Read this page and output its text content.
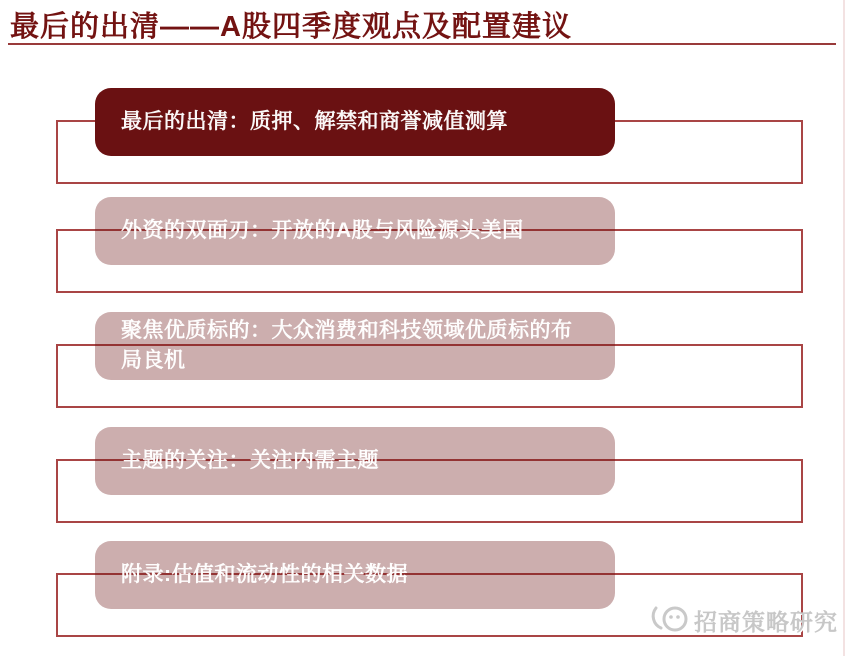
最后的出清——A股四季度观点及配置建议
最后的出清：质押、解禁和商誉减值测算
外资的双面刃：开放的A股与风险源头美国
聚焦优质标的：大众消费和科技领域优质标的布局良机
主题的关注：关注内需主题
附录:估值和流动性的相关数据
招商策略研究
